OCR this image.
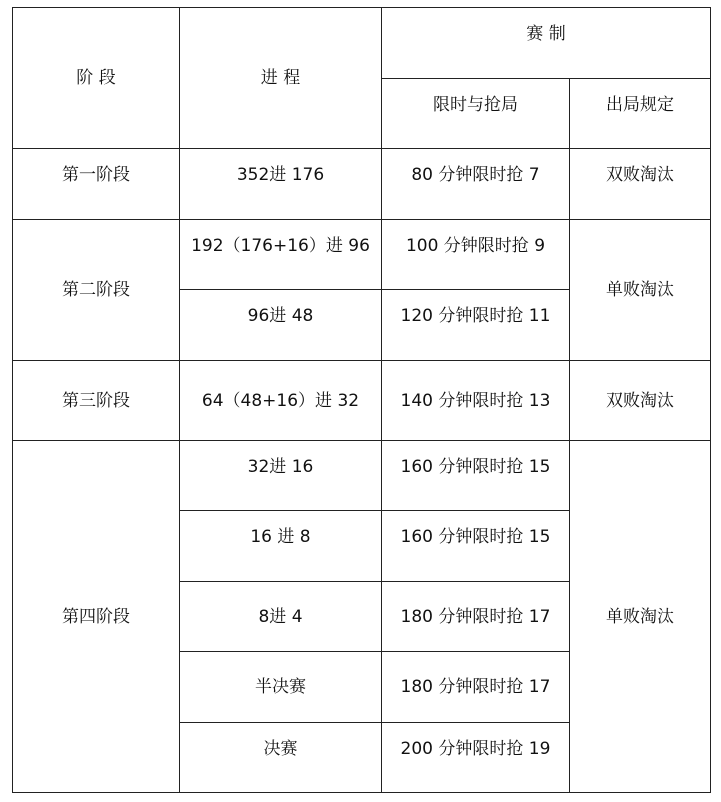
阶 段	进 程	赛 制	
		限时与抢局	出局规定
第一阶段	352进 176	80 分钟限时抢 7	双败淘汰
第二阶段	192（176+16）进 96	100 分钟限时抢 9	单败淘汰
	96进 48	120 分钟限时抢 11	
第三阶段	64（48+16）进 32	140 分钟限时抢 13	双败淘汰
第四阶段	32进 16	160 分钟限时抢 15	单败淘汰
	16 进 8	160 分钟限时抢 15	
	8进 4	180 分钟限时抢 17	
	半决赛	180 分钟限时抢 17	
	决赛	200 分钟限时抢 19	
